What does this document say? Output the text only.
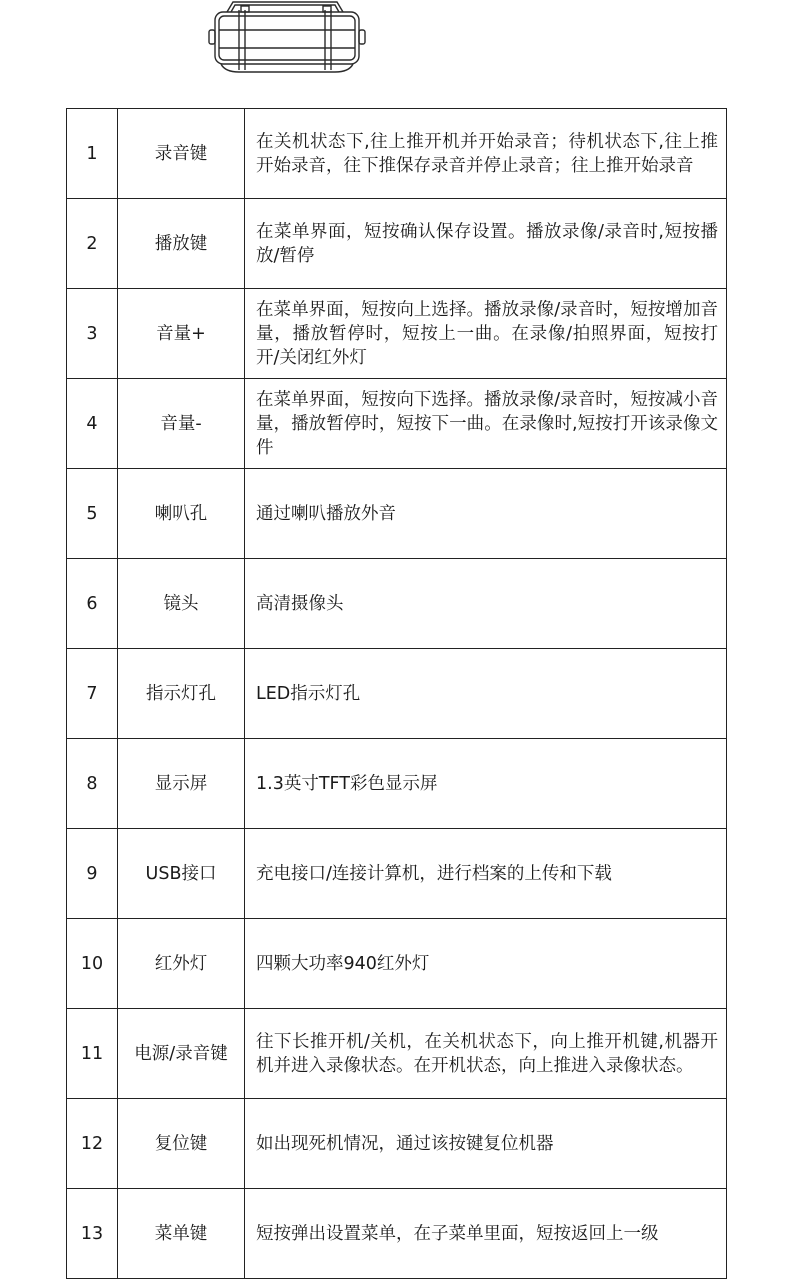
1	录音键	在关机状态下,往上推开机并开始录音；待机状态下,往上推开始录音，往下推保存录音并停止录音；往上推开始录音
2	播放键	在菜单界面，短按确认保存设置。播放录像/录音时,短按播放/暂停
3	音量+	在菜单界面，短按向上选择。播放录像/录音时，短按增加音量，播放暂停时，短按上一曲。在录像/拍照界面，短按打开/关闭红外灯
4	音量-	在菜单界面，短按向下选择。播放录像/录音时，短按减小音量，播放暂停时，短按下一曲。在录像时,短按打开该录像文件
5	喇叭孔	通过喇叭播放外音
6	镜头	高清摄像头
7	指示灯孔	LED指示灯孔
8	显示屏	1.3英寸TFT彩色显示屏
9	USB接口	充电接口/连接计算机，进行档案的上传和下载
10	红外灯	四颗大功率940红外灯
11	电源/录音键	往下长推开机/关机，在关机状态下，向上推开机键,机器开机并进入录像状态。在开机状态，向上推进入录像状态。
12	复位键	如出现死机情况，通过该按键复位机器
13	菜单键	短按弹出设置菜单，在子菜单里面，短按返回上一级
